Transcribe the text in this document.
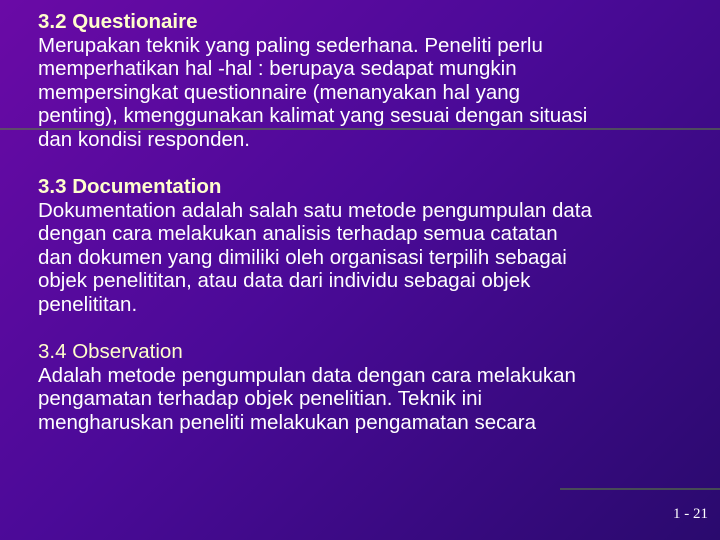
3.2 Questionaire
Merupakan teknik yang paling sederhana. Peneliti perlu
memperhatikan hal -hal : berupaya sedapat mungkin
mempersingkat questionnaire (menanyakan hal yang
penting), kmenggunakan kalimat yang sesuai dengan situasi
dan kondisi responden.
3.3 Documentation
Dokumentation adalah salah satu metode pengumpulan data
dengan cara melakukan analisis terhadap semua catatan
dan dokumen yang dimiliki oleh organisasi terpilih sebagai
objek penelititan, atau data dari individu sebagai objek
penelititan.
3.4 Observation
Adalah metode pengumpulan data dengan cara melakukan
pengamatan terhadap objek penelitian. Teknik ini
mengharuskan peneliti melakukan pengamatan secara
1 - 21
